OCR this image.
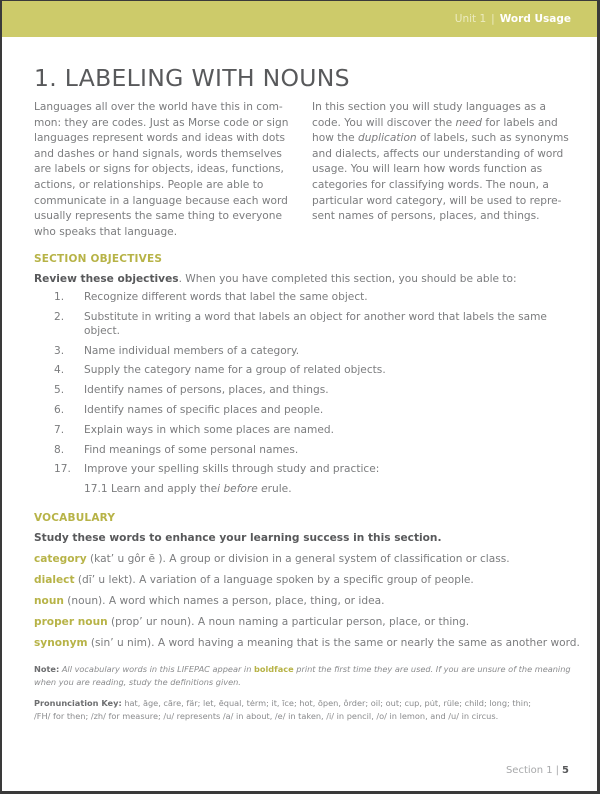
Unit 1 | Word Usage
1. LABELING WITH NOUNS

Languages all over the world have this in com-mon: they are codes. Just as Morse code or sign languages represent words and ideas with dots and dashes or hand signals, words themselves are labels or signs for objects, ideas, functions, actions, or relationships. People are able to communicate in a language because each word usually represents the same thing to everyone who speaks that language.

In this section you will study languages as a code. You will discover the need for labels and how the duplication of labels, such as synonyms and dialects, affects our understanding of word usage. You will learn how words function as categories for classifying words. The noun, a particular word category, will be used to repre-sent names of persons, places, and things.

SECTION OBJECTIVES
Review these objectives. When you have completed this section, you should be able to:
1.	Recognize different words that label the same object.
2.	Substitute in writing a word that labels an object for another word that labels the same object.
3.	Name individual members of a category.
4.	Supply the category name for a group of related objects.
5.	Identify names of persons, places, and things.
6.	Identify names of specific places and people.
7.	Explain ways in which some places are named.
8.	Find meanings of some personal names.
17.	Improve your spelling skills through study and practice:
17.1 Learn and apply the i before e rule.
VOCABULARY
Study these words to enhance your learning success in this section.
category (kat’ u gôr ē ). A group or division in a general system of classification or class.
dialect (dī’ u lekt). A variation of a language spoken by a specific group of people.
noun (noun). A word which names a person, place, thing, or idea.
proper noun (prop’ ur noun). A noun naming a particular person, place, or thing.
synonym (sin’ u nim). A word having a meaning that is the same or nearly the same as another word.
Note: All vocabulary words in this LIFEPAC appear in boldface print the first time they are used. If you are unsure of the meaning when you are reading, study the definitions given.
Pronunciation Key: hat, āge, cãre, fär; let, ēqual, tėrm; it, īce; hot, ōpen, ôrder; oil; out; cup, pu̇t, rüle; child; long; thin;
/FH/ for then; /zh/ for measure; /u/ represents /a/ in about, /e/ in taken, /i/ in pencil, /o/ in lemon, and /u/ in circus.
Section 1 | 5
